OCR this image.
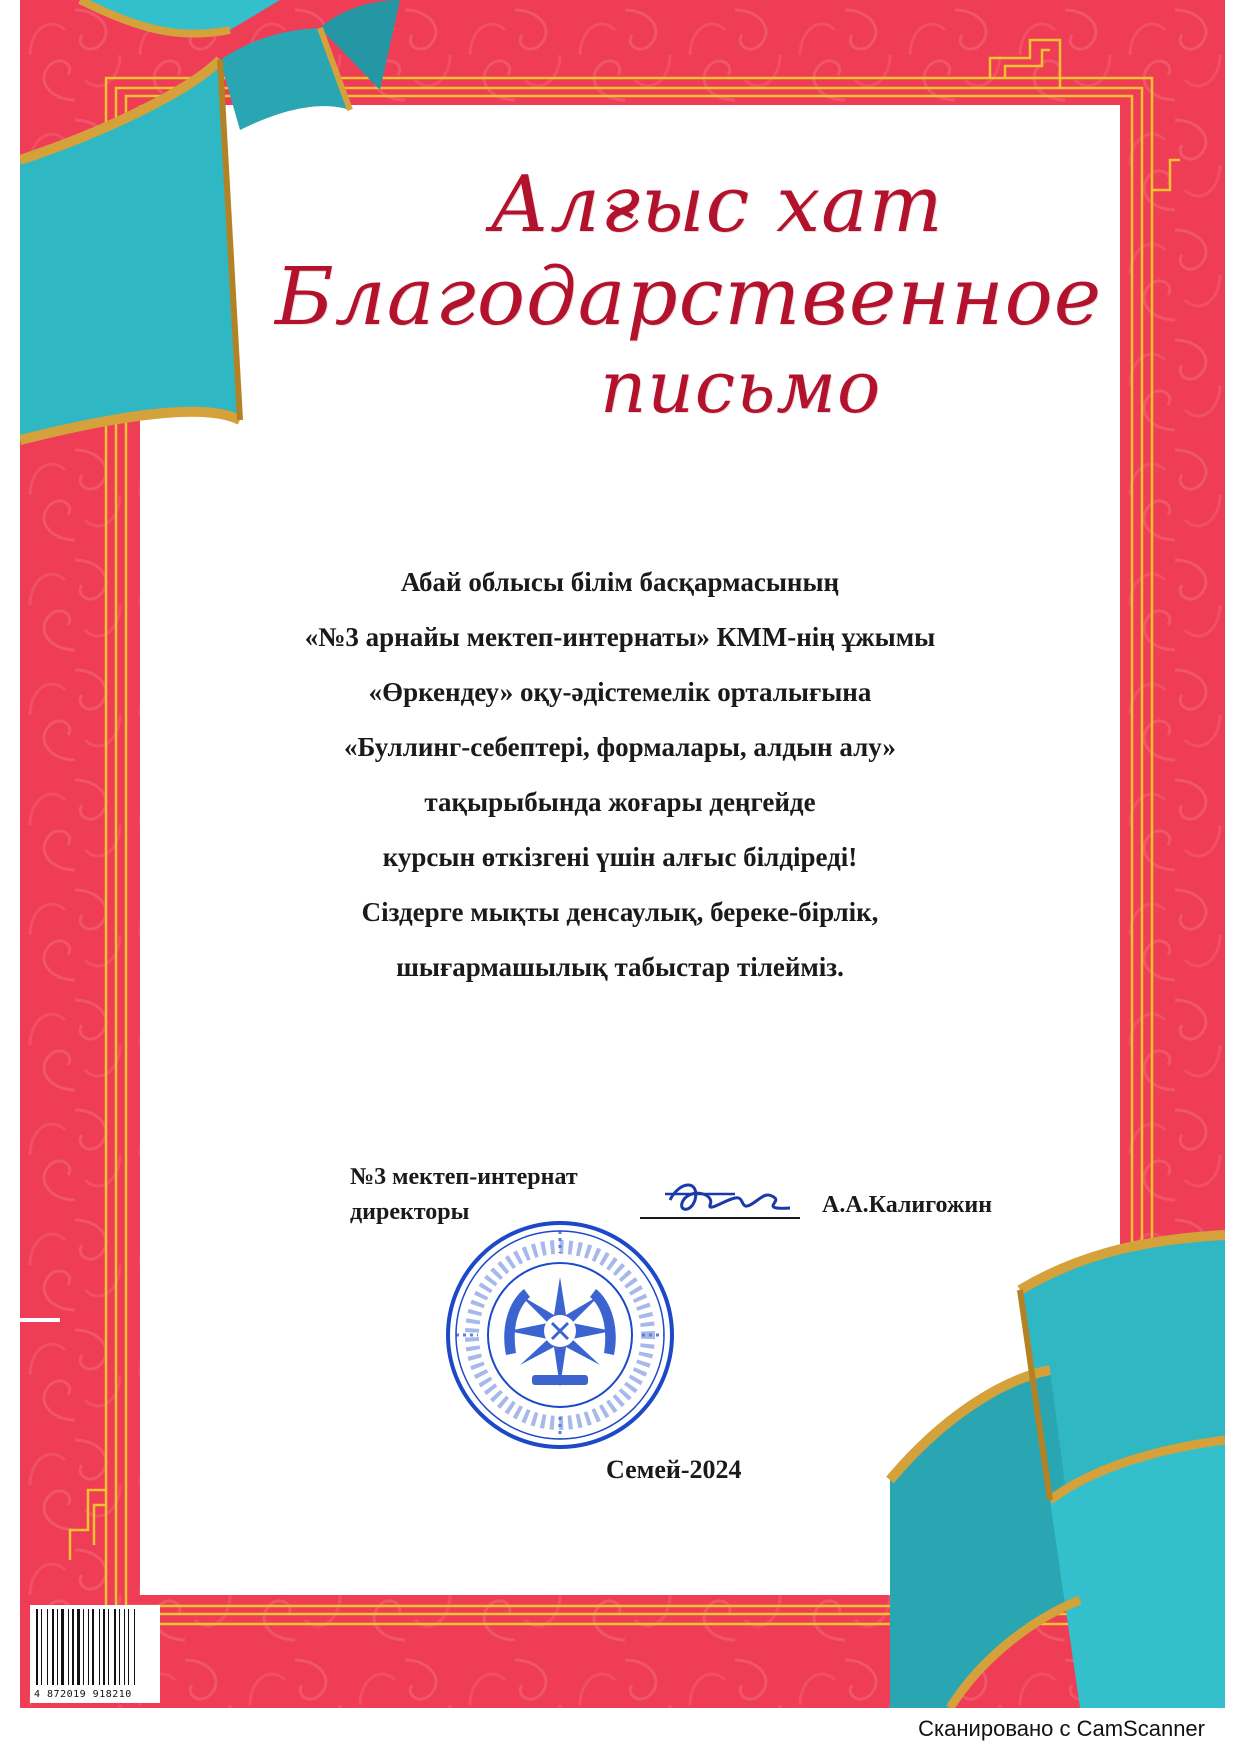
Алғыс хат
Благодарственное
письмо
Абай облысы білім басқармасының
«№3 арнайы мектеп-интернаты» КММ-нің ұжымы
«Өркендеу» оқу-әдістемелік орталығына
«Буллинг-себептері, формалары, алдын алу»
тақырыбында жоғары деңгейде
курсын өткізгені үшін алғыс білдіреді!
Сіздерге мықты денсаулық, береке-бірлік,
шығармашылық табыстар тілейміз.
№3 мектеп-интернат
директоры	А.А.Калигожин
Семей-2024
4 872019 918210
Сканировано с CamScanner
